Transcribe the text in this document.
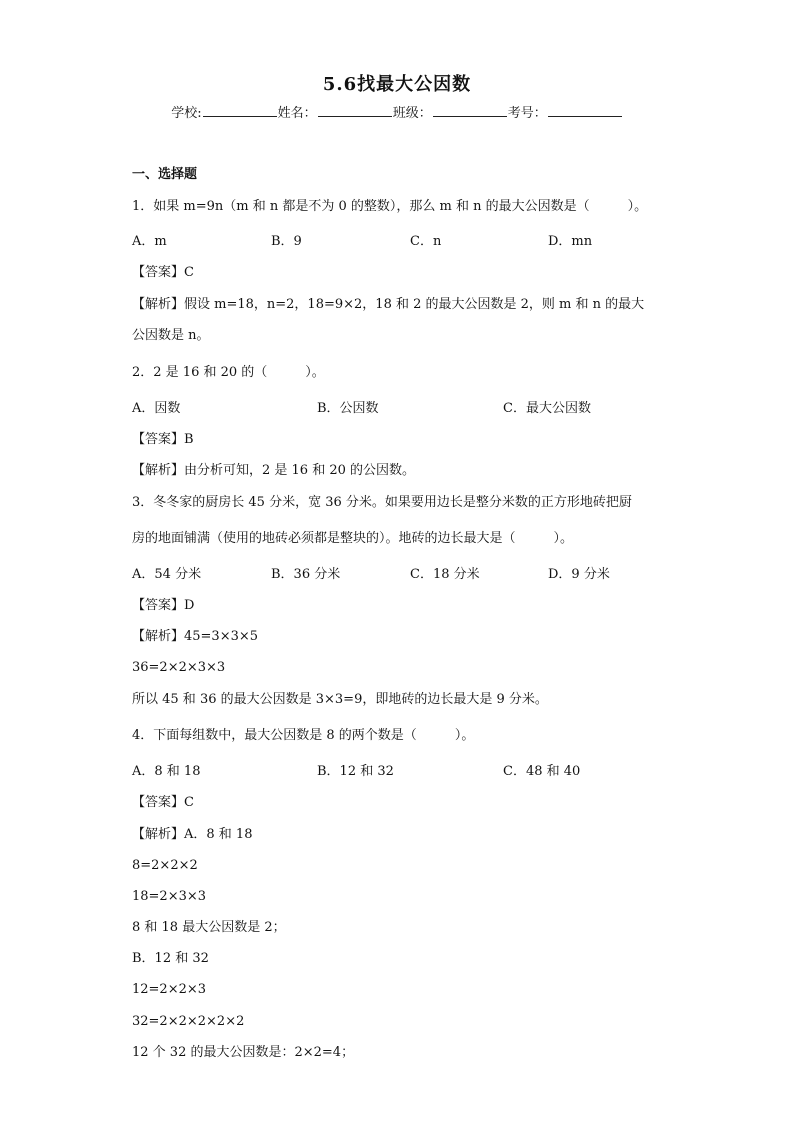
5.6找最大公因数
学校:	姓名：	班级：	考号：
一、选择题
1．如果 m=9n（m 和 n 都是不为 0 的整数），那么 m 和 n 的最大公因数是（	）。
A．m	B．9	C．n	D．mn
【答案】C
【解析】假设 m=18，n=2，18=9×2，18 和 2 的最大公因数是 2，则 m 和 n 的最大
公因数是 n。
2．2 是 16 和 20 的（	）。
A．因数	B．公因数	C．最大公因数
【答案】B
【解析】由分析可知，2 是 16 和 20 的公因数。
3．冬冬家的厨房长 45 分米，宽 36 分米。如果要用边长是整分米数的正方形地砖把厨
房的地面铺满（使用的地砖必须都是整块的）。地砖的边长最大是（	）。
A．54 分米	B．36 分米	C．18 分米	D．9 分米
【答案】D
【解析】45=3×3×5
36=2×2×3×3
所以 45 和 36 的最大公因数是 3×3=9，即地砖的边长最大是 9 分米。
4．下面每组数中，最大公因数是 8 的两个数是（	）。
A．8 和 18	B．12 和 32	C．48 和 40
【答案】C
【解析】A．8 和 18
8=2×2×2
18=2×3×3
8 和 18 最大公因数是 2；
B．12 和 32
12=2×2×3
32=2×2×2×2×2
12 个 32 的最大公因数是：2×2=4；
